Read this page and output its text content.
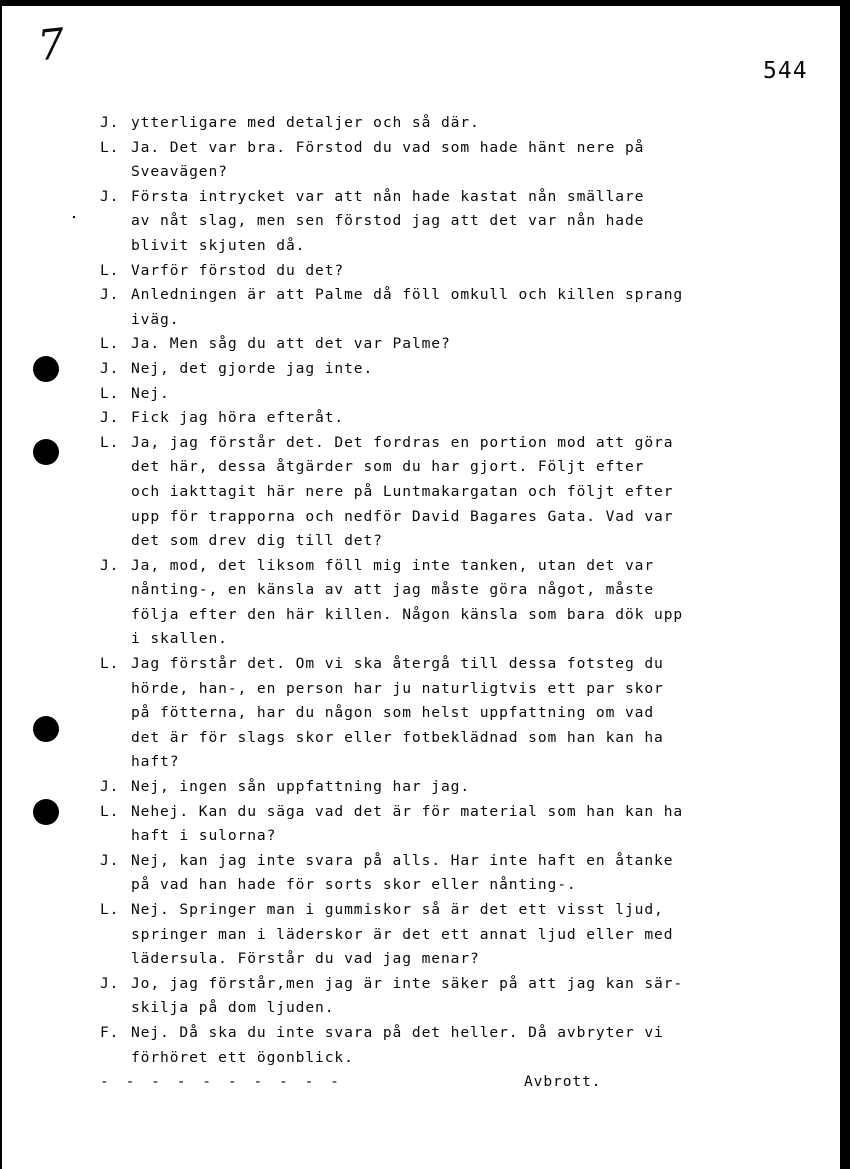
7
544
J. ytterligare med detaljer och så där.
L. Ja. Det var bra. Förstod du vad som hade hänt nere på
Sveavägen?
J. Första intrycket var att nån hade kastat nån smällare
av nåt slag, men sen förstod jag att det var nån hade
blivit skjuten då.
L. Varför förstod du det?
J. Anledningen är att Palme då föll omkull och killen sprang
iväg.
L. Ja. Men såg du att det var Palme?
J. Nej, det gjorde jag inte.
L. Nej.
J. Fick jag höra efteråt.
L. Ja, jag förstår det. Det fordras en portion mod att göra
det här, dessa åtgärder som du har gjort. Följt efter
och iakttagit här nere på Luntmakargatan och följt efter
upp för trapporna och nedför David Bagares Gata. Vad var
det som drev dig till det?
J. Ja, mod, det liksom föll mig inte tanken, utan det var
nånting-, en känsla av att jag måste göra något, måste
följa efter den här killen. Någon känsla som bara dök upp
i skallen.
L. Jag förstår det. Om vi ska återgå till dessa fotsteg du
hörde, han-, en person har ju naturligtvis ett par skor
på fötterna, har du någon som helst uppfattning om vad
det är för slags skor eller fotbeklädnad som han kan ha
haft?
J. Nej, ingen sån uppfattning har jag.
L. Nehej. Kan du säga vad det är för material som han kan ha
haft i sulorna?
J. Nej, kan jag inte svara på alls. Har inte haft en åtanke
på vad han hade för sorts skor eller nånting-.
L. Nej. Springer man i gummiskor så är det ett visst ljud,
springer man i läderskor är det ett annat ljud eller med
lädersula. Förstår du vad jag menar?
J. Jo, jag förstår,men jag är inte säker på att jag kan sär-
skilja på dom ljuden.
F. Nej. Då ska du inte svara på det heller. Då avbryter vi
förhöret ett ögonblick.
- - - - - - - - - -	Avbrott.
